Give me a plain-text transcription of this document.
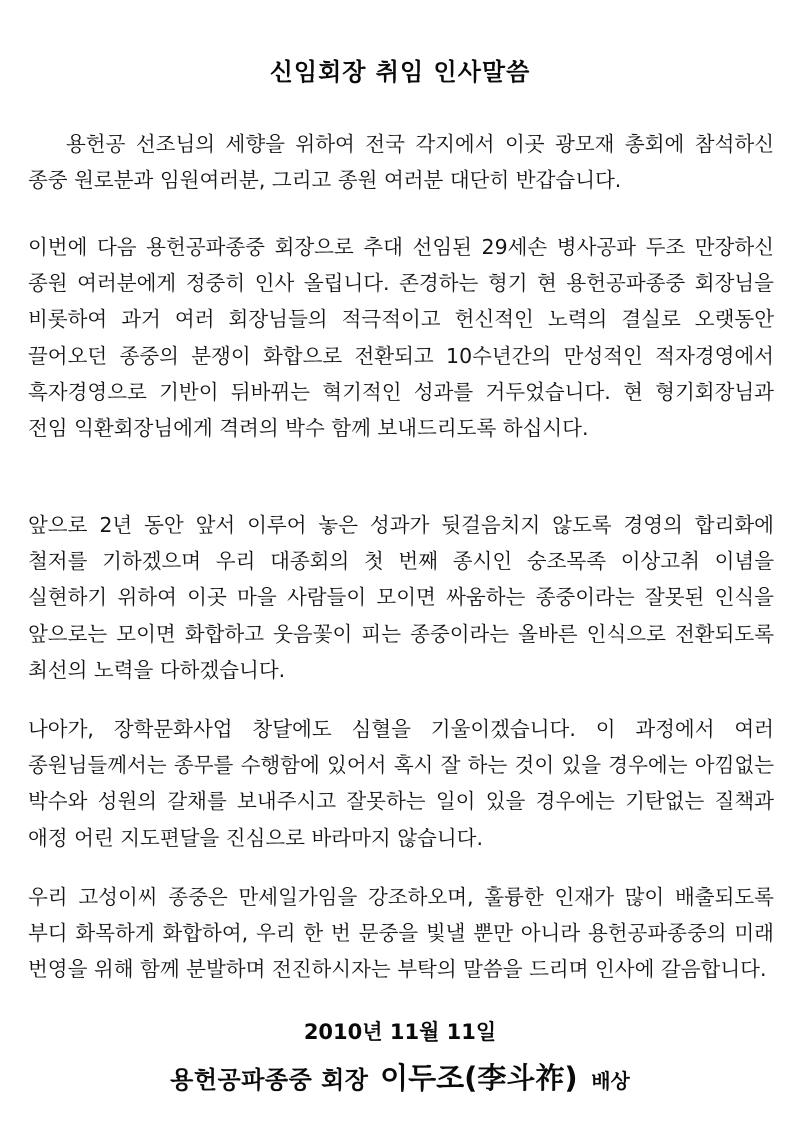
신임회장 취임 인사말씀

용헌공 선조님의 세향을 위하여 전국 각지에서 이곳 광모재 총회에 참석하신 종중 원로분과 임원여러분, 그리고 종원 여러분 대단히 반갑습니다.

이번에 다음 용헌공파종중 회장으로 추대 선임된 29세손 병사공파 두조 만장하신 종원 여러분에게 정중히 인사 올립니다. 존경하는 형기 현 용헌공파종중 회장님을 비롯하여 과거 여러 회장님들의 적극적이고 헌신적인 노력의 결실로 오랫동안 끌어오던 종중의 분쟁이 화합으로 전환되고 10수년간의 만성적인 적자경영에서 흑자경영으로 기반이 뒤바뀌는 혁기적인 성과를 거두었습니다. 현 형기회장님과 전임 익환회장님에게 격려의 박수 함께 보내드리도록 하십시다.

앞으로 2년 동안 앞서 이루어 놓은 성과가 뒷걸음치지 않도록 경영의 합리화에 철저를 기하겠으며 우리 대종회의 첫 번째 종시인 숭조목족 이상고취 이념을 실현하기 위하여 이곳 마을 사람들이 모이면 싸움하는 종중이라는 잘못된 인식을 앞으로는 모이면 화합하고 웃음꽃이 피는 종중이라는 올바른 인식으로 전환되도록 최선의 노력을 다하겠습니다.

나아가, 장학문화사업 창달에도 심혈을 기울이겠습니다. 이 과정에서 여러 종원님들께서는 종무를 수행함에 있어서 혹시 잘 하는 것이 있을 경우에는 아낌없는 박수와 성원의 갈채를 보내주시고 잘못하는 일이 있을 경우에는 기탄없는 질책과 애정 어린 지도편달을 진심으로 바라마지 않습니다.

우리 고성이씨 종중은 만세일가임을 강조하오며, 훌륭한 인재가 많이 배출되도록 부디 화목하게 화합하여, 우리 한 번 문중을 빛낼 뿐만 아니라 용헌공파종중의 미래 번영을 위해 함께 분발하며 전진하시자는 부탁의 말씀을 드리며 인사에 갈음합니다.

2010년 11월 11일
용헌공파종중 회장 이두조(李斗祚) 배상
